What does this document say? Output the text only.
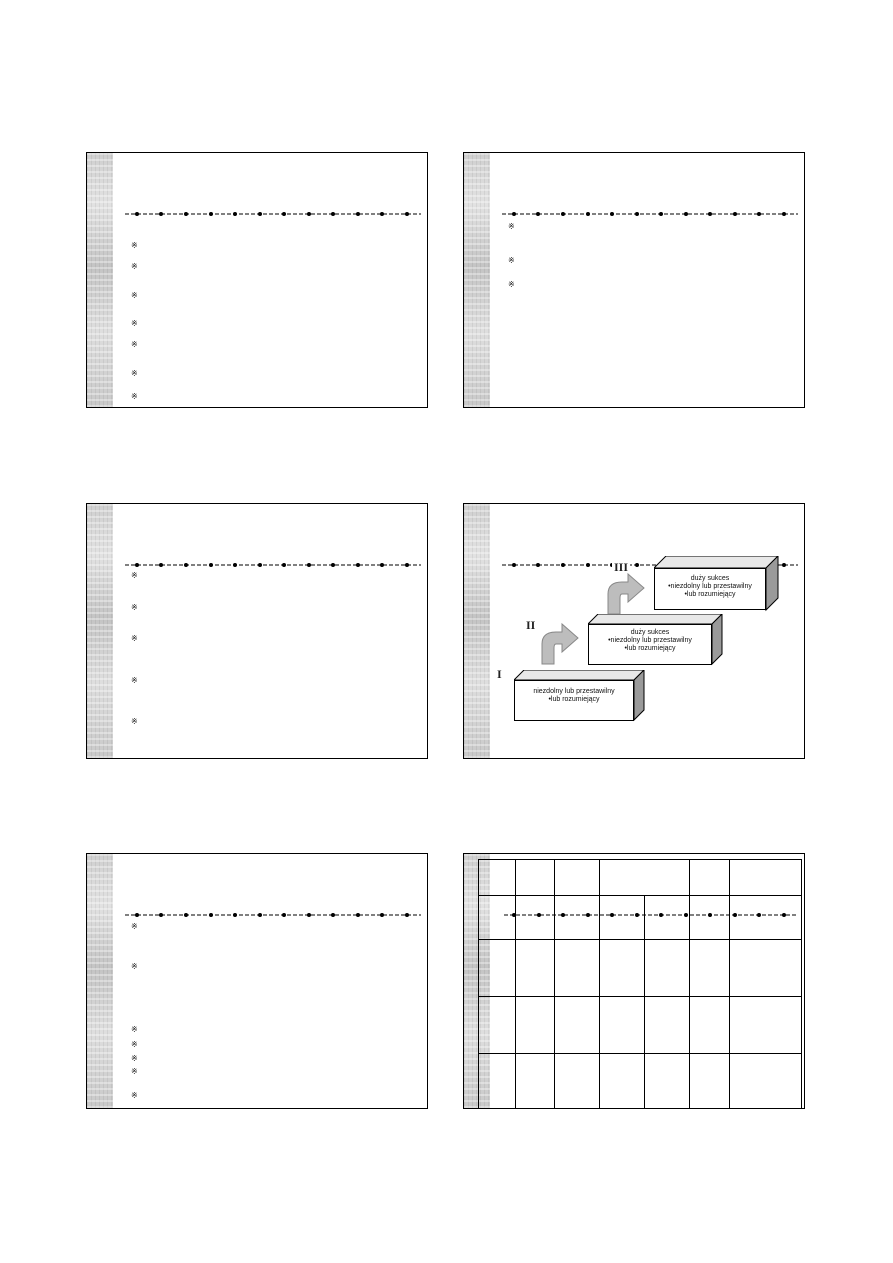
※
※
※
※
※
※
※
※
※
※
※
※
※
※
※
I
II
III
niezdolny lub przestawilny
•lub rozumiejący
duży sukces
•niezdolny lub przestawilny
•lub rozumiejący
duży sukces
•niezdolny lub przestawilny
•lub rozumiejący
※
※
※
※
※
※
※
